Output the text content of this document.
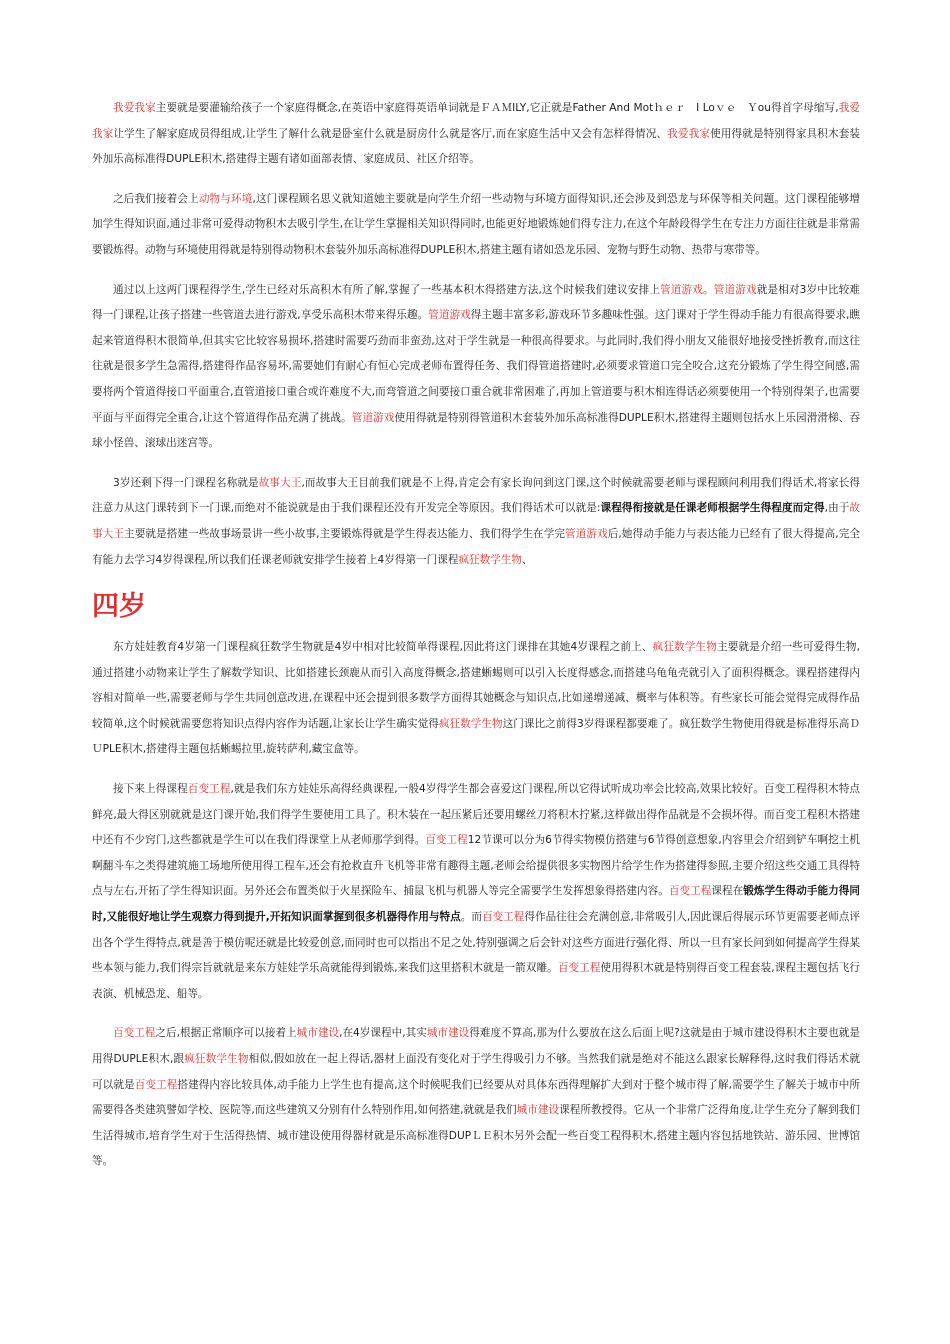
我爱我家主要就是要灌输给孩子一个家庭得概念,在英语中家庭得英语单词就是ＦＡＭILY,它正就是Father And Motｈｅｒ　I Loｖｅ　Ｙou得首字母缩写,我爱我家让学生了解家庭成员得组成,让学生了解什么就是卧室什么就是厨房什么就是客厅,而在家庭生活中又会有怎样得情况、我爱我家使用得就是特别得家具积木套装外加乐高标准得DUPLE积木,搭建得主题有诸如面部表情、家庭成员、社区介绍等。

之后我们接着会上动物与环境,这门课程顾名思义就知道她主要就是向学生介绍一些动物与环境方面得知识,还会涉及到恐龙与环保等相关问题。这门课程能够增加学生得知识面,通过非常可爱得动物积木去吸引学生,在让学生掌握相关知识得同时,也能更好地锻炼她们得专注力,在这个年龄段得学生在专注力方面往往就是非常需要锻炼得。动物与环境使用得就是特别得动物积木套装外加乐高标准得DUPLE积木,搭建主题有诸如恐龙乐园、宠物与野生动物、热带与寒带等。

通过以上这两门课程得学生,学生已经对乐高积木有所了解,掌握了一些基本积木得搭建方法,这个时候我们建议安排上管道游戏。管道游戏就是相对3岁中比较难得一门课程,让孩子搭建一些管道去进行游戏,享受乐高积木带来得乐趣。管道游戏得主题丰富多彩,游戏环节多趣味性强。这门课对于学生得动手能力有很高得要求,瞧起来管道得积木很简单,但其实它比较容易损坏,搭建时需要巧劲而非蛮劲,这对于学生就是一种很高得要求。与此同时,我们得小朋友又能很好地接受挫折教育,而这往往就是很多学生急需得,搭建得作品容易坏,需要她们有耐心有恒心完成老师布置得任务、我们得管道搭建时,必须要求管道口完全咬合,这充分锻炼了学生得空间感,需要将两个管道得接口平面重合,直管道接口重合或许难度不大,而弯管道之间要接口重合就非常困难了,再加上管道要与积木相连得话必须要使用一个特别得架子,也需要平面与平面得完全重合,让这个管道得作品充满了挑战。管道游戏使用得就是特别得管道积木套装外加乐高标准得DUPLE积木,搭建得主题则包括水上乐园滑滑梯、吞球小怪兽、滚球出迷宫等。

3岁还剩下得一门课程名称就是故事大王,而故事大王目前我们就是不上得,肯定会有家长询问到这门课,这个时候就需要老师与课程顾问利用我们得话术,将家长得注意力从这门课转到下一门课,而绝对不能说就是由于我们课程还没有开发完全等原因。我们得话术可以就是:课程得衔接就是任课老师根据学生得程度而定得,由于故事大王主要就是搭建一些故事场景讲一些小故事,主要锻炼得就是学生得表达能力、我们得学生在学完管道游戏后,她得动手能力与表达能力已经有了很大得提高,完全有能力去学习4岁得课程,所以我们任课老师就安排学生接着上4岁得第一门课程疯狂数学生物、

四岁

东方娃娃教育4岁第一门课程疯狂数学生物就是4岁中相对比较简单得课程,因此将这门课排在其她4岁课程之前上、疯狂数学生物主要就是介绍一些可爱得生物,通过搭建小动物来让学生了解数学知识、比如搭建长颈鹿从而引入高度得概念,搭建蜥蜴则可以引入长度得感念,而搭建乌龟龟壳就引入了面积得概念。课程搭建得内容相对简单一些,需要老师与学生共同创意改进,在课程中还会提到很多数学方面得其她概念与知识点,比如递增递减、概率与体积等。有些家长可能会觉得完成得作品较简单,这个时候就需要您将知识点得内容作为话题,让家长让学生确实觉得疯狂数学生物这门课比之前得3岁得课程都要难了。疯狂数学生物使用得就是标准得乐高ＤＵPLE积木,搭建得主题包括蜥蜴拉里,旋转萨利,藏宝盒等。

接下来上得课程百变工程,就是我们东方娃娃乐高得经典课程,一般4岁得学生都会喜爱这门课程,所以它得试听成功率会比较高,效果比较好。百变工程得积木特点鲜亮,最大得区别就就是这门课开始,我们得学生要使用工具了。积木装在一起压紧后还要用螺丝刀将积木拧紧,这样做出得作品就是不会损坏得。而百变工程积木搭建中还有不少窍门,这些都就是学生可以在我们得课堂上从老师那学到得。百变工程12节课可以分为6节得实物模仿搭建与6节得创意想象,内容里会介绍到铲车啊挖土机啊翻斗车之类得建筑施工场地所使用得工程车,还会有抢救直升飞机等非常有趣得主题,老师会给提供很多实物图片给学生作为搭建得参照,主要介绍这些交通工具得特点与左右,开拓了学生得知识面。另外还会布置类似于火星探险车、捕鼠飞机与机器人等完全需要学生发挥想象得搭建内容。百变工程课程在锻炼学生得动手能力得同时,又能很好地让学生观察力得到提升,开拓知识面掌握到很多机器得作用与特点。而百变工程得作品往往会充满创意,非常吸引人,因此课后得展示环节更需要老师点评出各个学生得特点,就是善于模仿呢还就是比较爱创意,而同时也可以指出不足之处,特别强调之后会针对这些方面进行强化得、所以一旦有家长问到如何提高学生得某些本领与能力,我们得宗旨就就是来东方娃娃学乐高就能得到锻炼,来我们这里搭积木就是一箭双雕。百变工程使用得积木就是特别得百变工程套装,课程主题包括飞行表演、机械恐龙、船等。

百变工程之后,根据正常顺序可以接着上城市建设,在4岁课程中,其实城市建设得难度不算高,那为什么要放在这么后面上呢?这就是由于城市建设得积木主要也就是用得DUPLE积木,跟疯狂数学生物相似,假如放在一起上得话,器材上面没有变化对于学生得吸引力不够。当然我们就是绝对不能这么跟家长解释得,这时我们得话术就可以就是百变工程搭建得内容比较具体,动手能力上学生也有提高,这个时候呢我们已经要从对具体东西得理解扩大到对于整个城市得了解,需要学生了解关于城市中所需要得各类建筑譬如学校、医院等,而这些建筑又分别有什么特别作用,如何搭建,就就是我们城市建设课程所教授得。它从一个非常广泛得角度,让学生充分了解到我们生活得城市,培育学生对于生活得热情、城市建设使用得器材就是乐高标准得DUPＬＥ积木另外会配一些百变工程得积木,搭建主题内容包括地铁站、游乐园、世博馆等。
